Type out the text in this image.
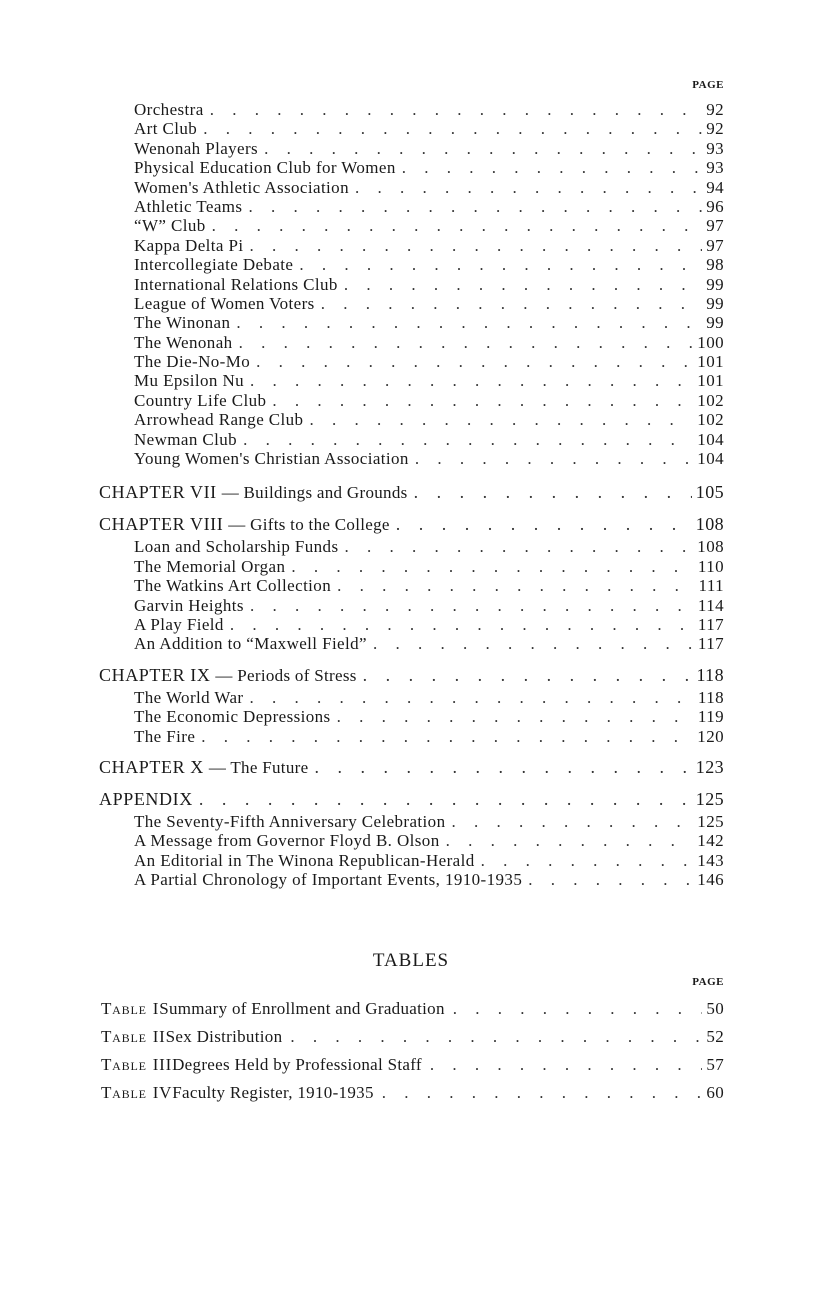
PAGE
Orchestra . . .	92
Art Club . . .	92
Wenonah Players . . .	93
Physical Education Club for Women . . .	93
Women's Athletic Association . . .	94
Athletic Teams . . .	96
“W” Club . . .	97
Kappa Delta Pi . . .	97
Intercollegiate Debate . . .	98
International Relations Club . . .	99
League of Women Voters . . .	99
The Winonan . . .	99
The Wenonah . . .	100
The Die-No-Mo . . .	101
Mu Epsilon Nu . . .	101
Country Life Club . . .	102
Arrowhead Range Club . . .	102
Newman Club . . .	104
Young Women's Christian Association . . .	104
CHAPTER VII — Buildings and Grounds . . .	105
CHAPTER VIII — Gifts to the College . . .	108
Loan and Scholarship Funds . . .	108
The Memorial Organ . . .	110
The Watkins Art Collection . . .	111
Garvin Heights . . .	114
A Play Field . . .	117
An Addition to “Maxwell Field” . . .	117
CHAPTER IX — Periods of Stress . . .	118
The World War . . .	118
The Economic Depressions . . .	119
The Fire . . .	120
CHAPTER X — The Future . . .	123
APPENDIX . . .	125
The Seventy-Fifth Anniversary Celebration . . .	125
A Message from Governor Floyd B. Olson . . .	142
An Editorial in The Winona Republican-Herald . . .	143
A Partial Chronology of Important Events, 1910-1935 . . .	146
TABLES
PAGE
Table I Summary of Enrollment and Graduation . . .	50
Table II Sex Distribution . . .	52
Table III Degrees Held by Professional Staff . . .	57
Table IV Faculty Register, 1910-1935 . . .	60
